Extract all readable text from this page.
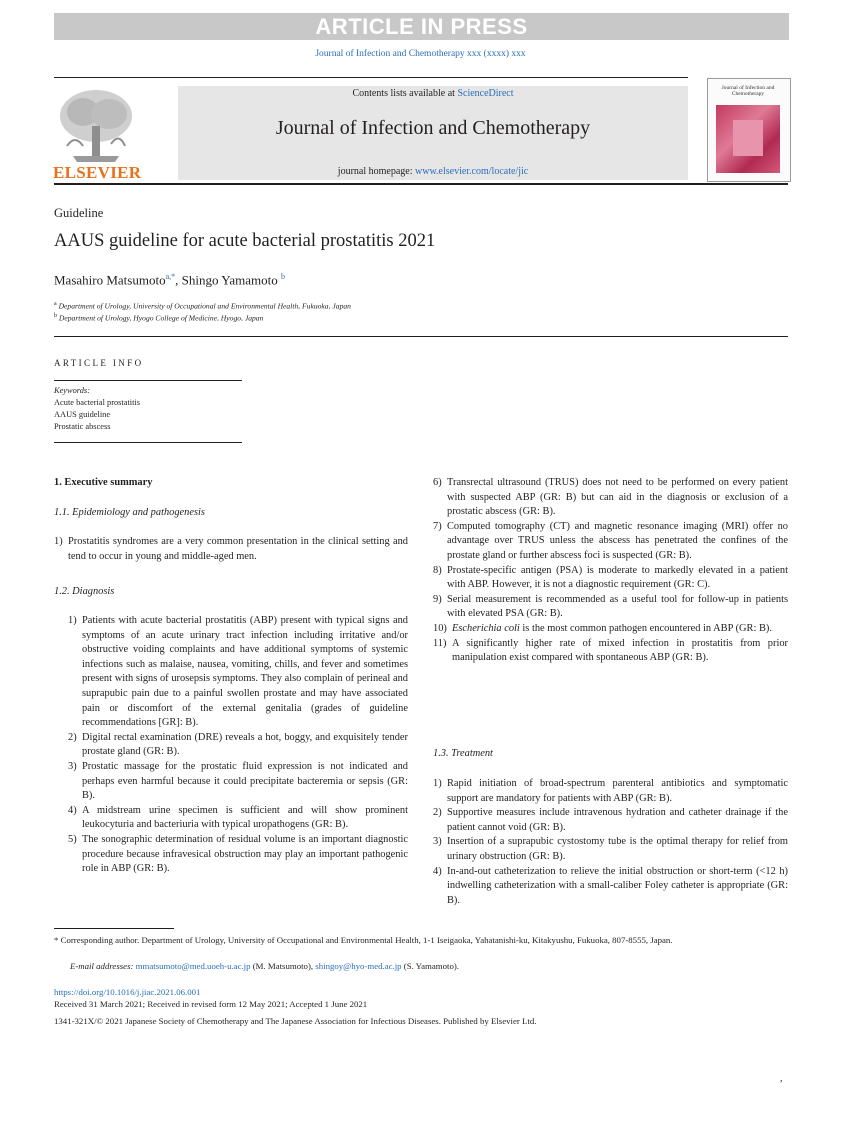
ARTICLE IN PRESS
Journal of Infection and Chemotherapy xxx (xxxx) xxx
ELSEVIER
Contents lists available at ScienceDirect
Journal of Infection and Chemotherapy
journal homepage: www.elsevier.com/locate/jic
Journal of Infection and Chemotherapy
Guideline
AAUS guideline for acute bacterial prostatitis 2021
Masahiro Matsumoto$^{a,*}$, Shingo Yamamoto $^b$
$^a$ Department of Urology, University of Occupational and Environmental Health, Fukuoka, Japan
$^b$ Department of Urology, Hyogo College of Medicine, Hyogo, Japan
ARTICLE INFO
Keywords:
Acute bacterial prostatitis
AAUS guideline
Prostatic abscess
1. Executive summary
1.1. Epidemiology and pathogenesis
1) Prostatitis syndromes are a very common presentation in the clinical setting and tend to occur in young and middle-aged men.
1.2. Diagnosis
1) Patients with acute bacterial prostatitis (ABP) present with typical signs and symptoms of an acute urinary tract infection including irritative and/or obstructive voiding complaints and have additional symptoms of systemic infections such as malaise, nausea, vomiting, chills, and fever and sometimes present with signs of urosepsis symptoms. They also complain of perineal and suprapubic pain due to a painful swollen prostate and may have associated pain or discomfort of the external genitalia (grades of guideline recommendations [GR]: B).
2) Digital rectal examination (DRE) reveals a hot, boggy, and exquisitely tender prostate gland (GR: B).
3) Prostatic massage for the prostatic fluid expression is not indicated and perhaps even harmful because it could precipitate bacteremia or sepsis (GR: B).
4) A midstream urine specimen is sufficient and will show prominent leukocyturia and bacteriuria with typical uropathogens (GR: B).
5) The sonographic determination of residual volume is an important diagnostic procedure because infravesical obstruction may play an important pathogenic role in ABP (GR: B).
6) Transrectal ultrasound (TRUS) does not need to be performed on every patient with suspected ABP (GR: B) but can aid in the diagnosis or exclusion of a prostatic abscess (GR: B).
7) Computed tomography (CT) and magnetic resonance imaging (MRI) offer no advantage over TRUS unless the abscess has penetrated the confines of the prostate gland or further abscess foci is suspected (GR: B).
8) Prostate-specific antigen (PSA) is moderate to markedly elevated in a patient with ABP. However, it is not a diagnostic requirement (GR: C).
9) Serial measurement is recommended as a useful tool for follow-up in patients with elevated PSA (GR: B).
10) Escherichia coli is the most common pathogen encountered in ABP (GR: B).
11) A significantly higher rate of mixed infection in prostatitis from prior manipulation exist compared with spontaneous ABP (GR: B).
1.3. Treatment
1) Rapid initiation of broad-spectrum parenteral antibiotics and symptomatic support are mandatory for patients with ABP (GR: B).
2) Supportive measures include intravenous hydration and catheter drainage if the patient cannot void (GR: B).
3) Insertion of a suprapubic cystostomy tube is the optimal therapy for relief from urinary obstruction (GR: B).
4) In-and-out catheterization to relieve the initial obstruction or short-term (<12 h) indwelling catheterization with a small-caliber Foley catheter is appropriate (GR: B).
* Corresponding author. Department of Urology, University of Occupational and Environmental Health, 1-1 Iseigaoka, Yahatanishi-ku, Kitakyushu, Fukuoka, 807-8555, Japan.
E-mail addresses: mmatsumoto@med.uoeh-u.ac.jp (M. Matsumoto), shingoy@hyo-med.ac.jp (S. Yamamoto).
https://doi.org/10.1016/j.jiac.2021.06.001
Received 31 March 2021; Received in revised form 12 May 2021; Accepted 1 June 2021
1341-321X/© 2021 Japanese Society of Chemotherapy and The Japanese Association for Infectious Diseases. Published by Elsevier Ltd.
,
